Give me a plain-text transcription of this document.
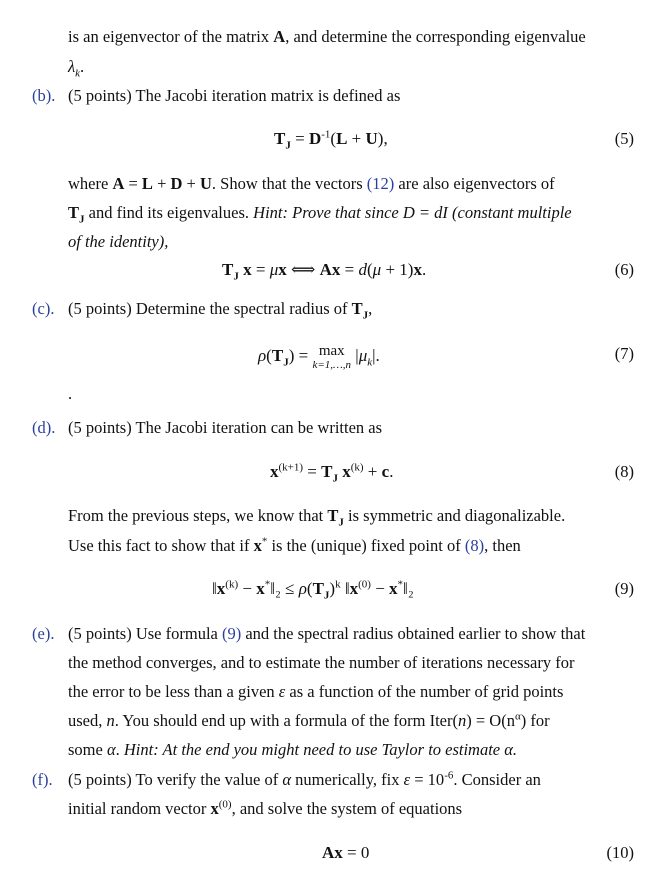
is an eigenvector of the matrix A, and determine the corresponding eigenvalue
$\lambda_k$.
(b). (5 points) The Jacobi iteration matrix is defined as
$T_J = D^{-1}(L + U)$,	(5)
where A = L + D + U. Show that the vectors (12) are also eigenvectors of
$T_J$ and find its eigenvalues. Hint: Prove that since D = dI (constant multiple
of the identity),
$T_J$ x = μx ⟺ Ax = d(μ + 1)x.	(6)
(c). (5 points) Determine the spectral radius of $T_J$,
$\rho(T_J) = \max$
k=1,…,n
$|\mu_k|$.	(7)
.
(d). (5 points) The Jacobi iteration can be written as
$x^{(k+1)} = T_J$ $x^{(k)} + c$.	(8)
From the previous steps, we know that $T_J$ is symmetric and diagonalizable.
Use this fact to show that if x* is the (unique) fixed point of (8), then
$‖x^{(k)}$ − x*‖₂ ≤ $\rho(T_J)^k$ $‖x^{(0)}$ − x*‖₂	(9)
(e). (5 points) Use formula (9) and the spectral radius obtained earlier to show that
the method converges, and to estimate the number of iterations necessary for
the error to be less than a given ε as a function of the number of grid points
used, n. You should end up with a formula of the form Iter(n) = $O(n^\alpha)$ for
some α. Hint: At the end you might need to use Taylor to estimate α.
(f). (5 points) To verify the value of α numerically, fix $\varepsilon = 10^{-6}$. Consider an
initial random vector $x^{(0)}$, and solve the system of equations
Ax = 0	(10)
